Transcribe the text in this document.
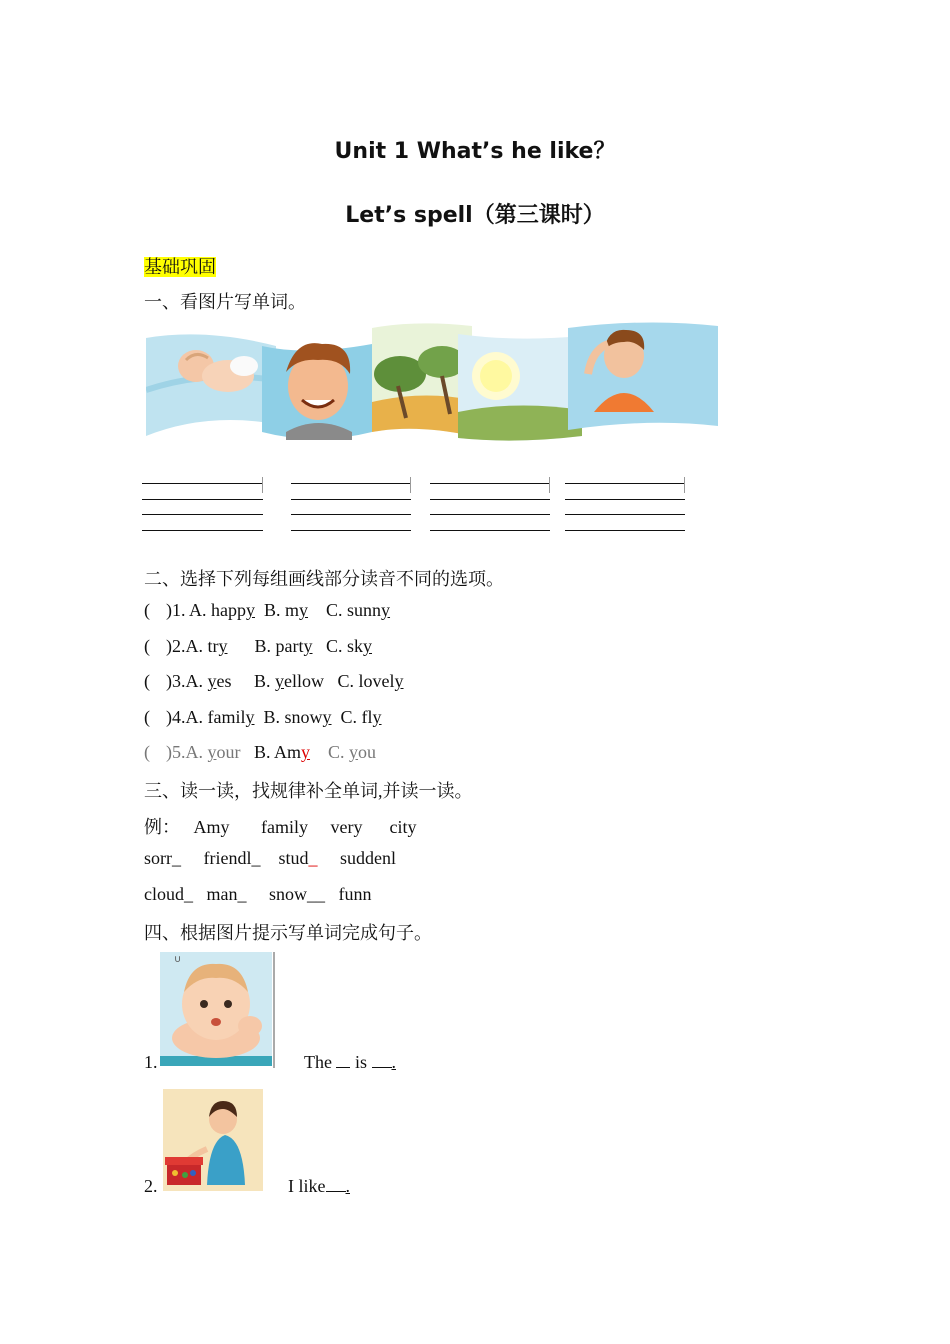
Unit 1 What’s he like？
Let’s spell（第三课时）
基础巩固
一、看图片写单词。
二、选择下列每组画线部分读音不同的选项。
( )1. A. happy B. my C. sunny
( )2.A. try B. party C. sky
( )3.A. yes B. yellow C. lovely
( )4.A. family B. snowy C. fly
( )5.A. your B. Amy C. you
三、读一读，找规律补全单词,并读一读。
例： Amy family very city
sorr_ friendl_ stud_ suddenl
cloud_ man_ snow__ funn
四、根据图片提示写单词完成句子。
∪
1.	The is .
2.	I like .
